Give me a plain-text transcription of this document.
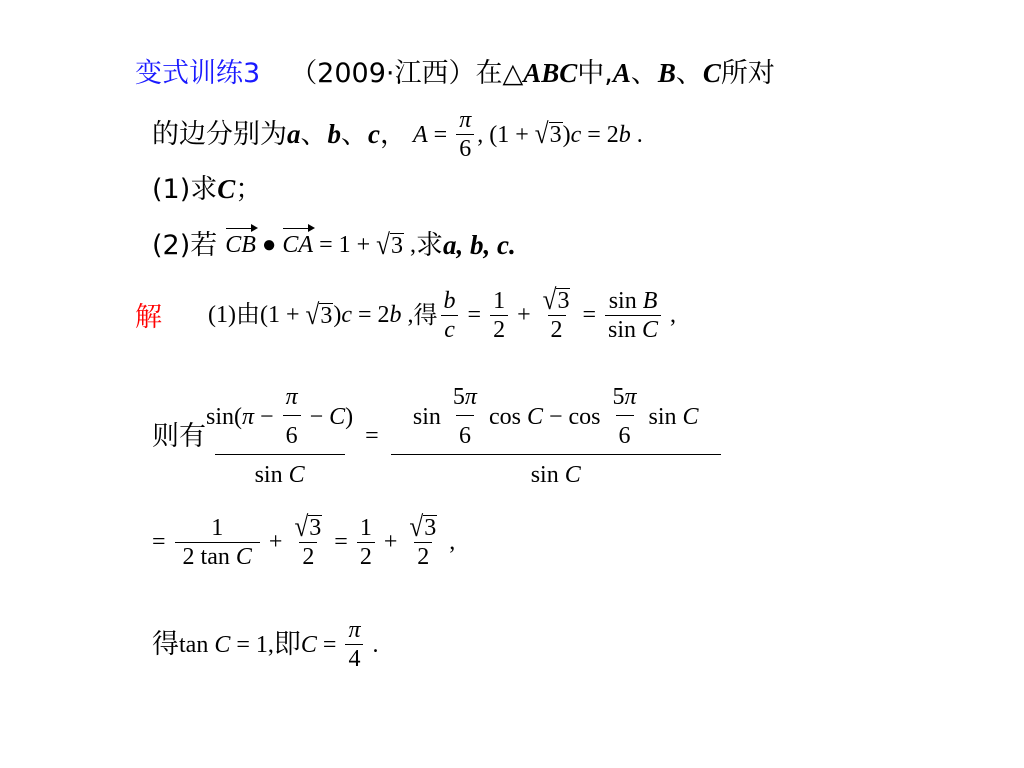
变式训练3 （2009·江西）在△ABC中,A、B、C所对
的边分别为 a 、 b 、 c ， $A = \frac{\pi}{6}$ , (1 + √ 3 ) c = 2 b .
(1)求C；
(2)若 CB ● CA = 1 + √ 3 , 求 a, b, c.
解 (1)由 (1 + √ 3 ) c = 2 b , 得 $\frac{b}{c} = \frac{1}{2} + \frac{√ 3}{2} = \frac{\text{sin B}}{\text{sin C}}$ ,
则有 $\frac{\sin( \pi - \frac{\pi}{6} - C )}{\text{sin C}} = \frac{\sin \frac{5 \pi}{6} \cos C - \cos \frac{5 \pi}{6} \sin C}{\text{sin C}}$
= $\frac{1}{\text{2 tan C}} + \frac{√ 3}{2} = \frac{1}{2} + \frac{√ 3}{2}$ ,
得 tan C = 1, 即 $C = \frac{\pi}{4}$ .
